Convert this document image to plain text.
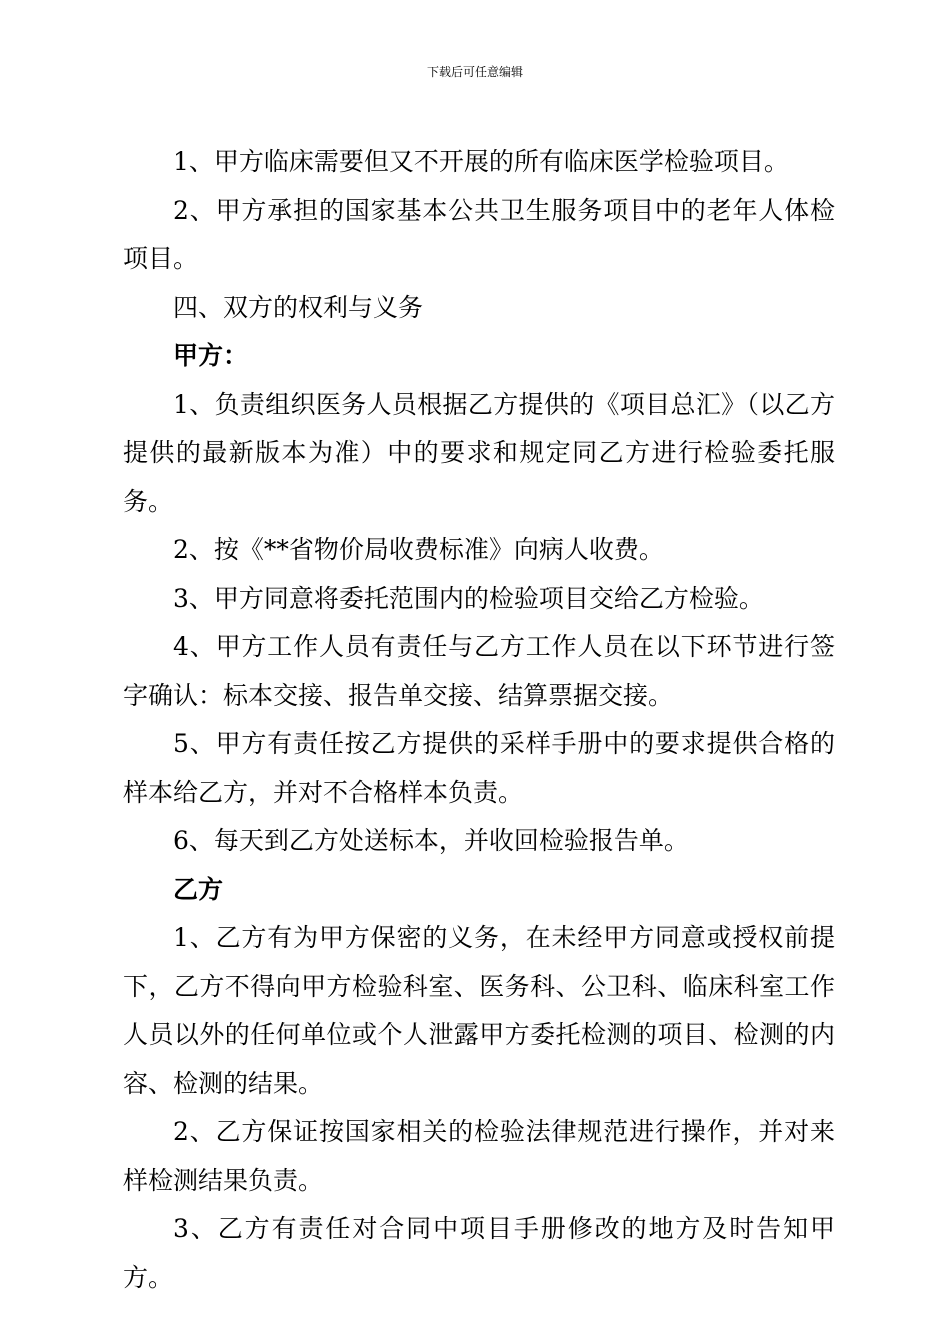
下载后可任意编辑

1、甲方临床需要但又不开展的所有临床医学检验项目。

2、甲方承担的国家基本公共卫生服务项目中的老年人体检项目。

四、双方的权利与义务

甲方：

1、负责组织医务人员根据乙方提供的《项目总汇》（以乙方提供的最新版本为准）中的要求和规定同乙方进行检验委托服务。

2、按《**省物价局收费标准》向病人收费。

3、甲方同意将委托范围内的检验项目交给乙方检验。

4、甲方工作人员有责任与乙方工作人员在以下环节进行签字确认：标本交接、报告单交接、结算票据交接。

5、甲方有责任按乙方提供的采样手册中的要求提供合格的样本给乙方，并对不合格样本负责。

6、每天到乙方处送标本，并收回检验报告单。

乙方

1、乙方有为甲方保密的义务，在未经甲方同意或授权前提下，乙方不得向甲方检验科室、医务科、公卫科、临床科室工作人员以外的任何单位或个人泄露甲方委托检测的项目、检测的内容、检测的结果。

2、乙方保证按国家相关的检验法律规范进行操作，并对来样检测结果负责。

3、乙方有责任对合同中项目手册修改的地方及时告知甲方。
